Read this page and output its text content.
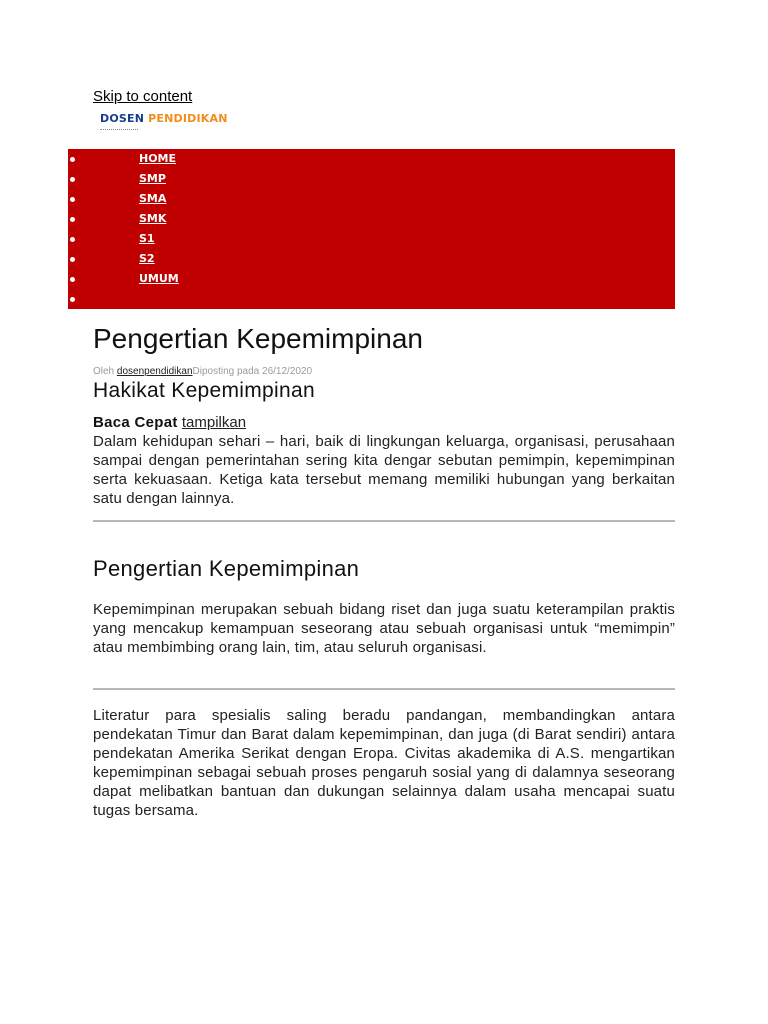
Skip to content
DOSEN PENDIDIKAN
HOME
SMP
SMA
SMK
S1
S2
UMUM
Pengertian Kepemimpinan
Oleh dosenpendidikanDiposting pada 26/12/2020
Hakikat Kepemimpinan
Baca Cepat tampilkan

Dalam kehidupan sehari – hari, baik di lingkungan keluarga, organisasi, perusahaan sampai dengan pemerintahan sering kita dengar sebutan pemimpin, kepemimpinan serta kekuasaan. Ketiga kata tersebut memang memiliki hubungan yang berkaitan satu dengan lainnya.

Pengertian Kepemimpinan

Kepemimpinan merupakan sebuah bidang riset dan juga suatu keterampilan praktis yang mencakup kemampuan seseorang atau sebuah organisasi untuk “memimpin” atau membimbing orang lain, tim, atau seluruh organisasi.

Literatur para spesialis saling beradu pandangan, membandingkan antara pendekatan Timur dan Barat dalam kepemimpinan, dan juga (di Barat sendiri) antara pendekatan Amerika Serikat dengan Eropa. Civitas akademika di A.S. mengartikan kepemimpinan sebagai sebuah proses pengaruh sosial yang di dalamnya seseorang dapat melibatkan bantuan dan dukungan selainnya dalam usaha mencapai suatu tugas bersama.
